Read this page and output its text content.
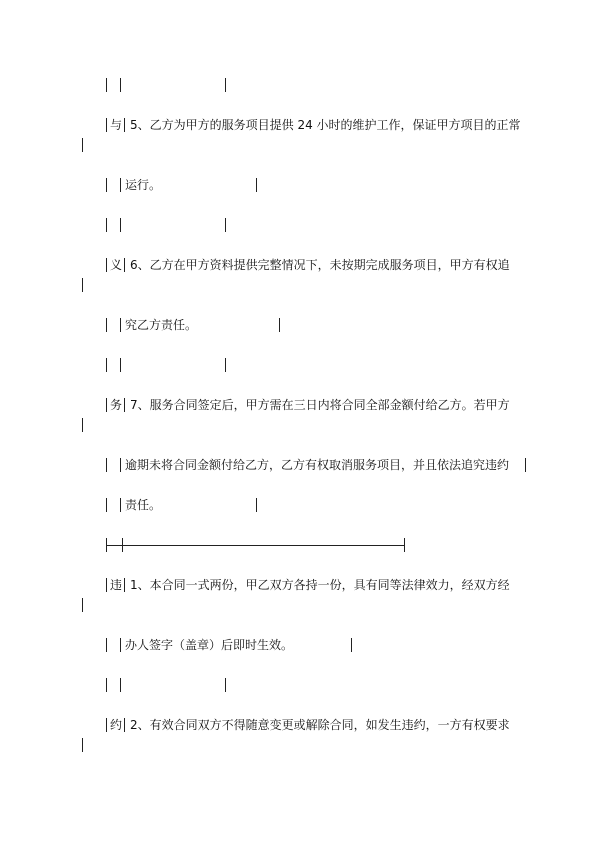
与 5、乙方为甲方的服务项目提供 24 小时的维护工作，保证甲方项目的正常
运行。
义 6、乙方在甲方资料提供完整情况下，未按期完成服务项目，甲方有权追
究乙方责任。
务 7、服务合同签定后，甲方需在三日内将合同全部金额付给乙方。若甲方
逾期未将合同金额付给乙方，乙方有权取消服务项目，并且依法追究违约
责任。
违 1、本合同一式两份，甲乙双方各持一份，具有同等法律效力，经双方经
办人签字（盖章）后即时生效。
约 2、有效合同双方不得随意变更或解除合同，如发生违约，一方有权要求
